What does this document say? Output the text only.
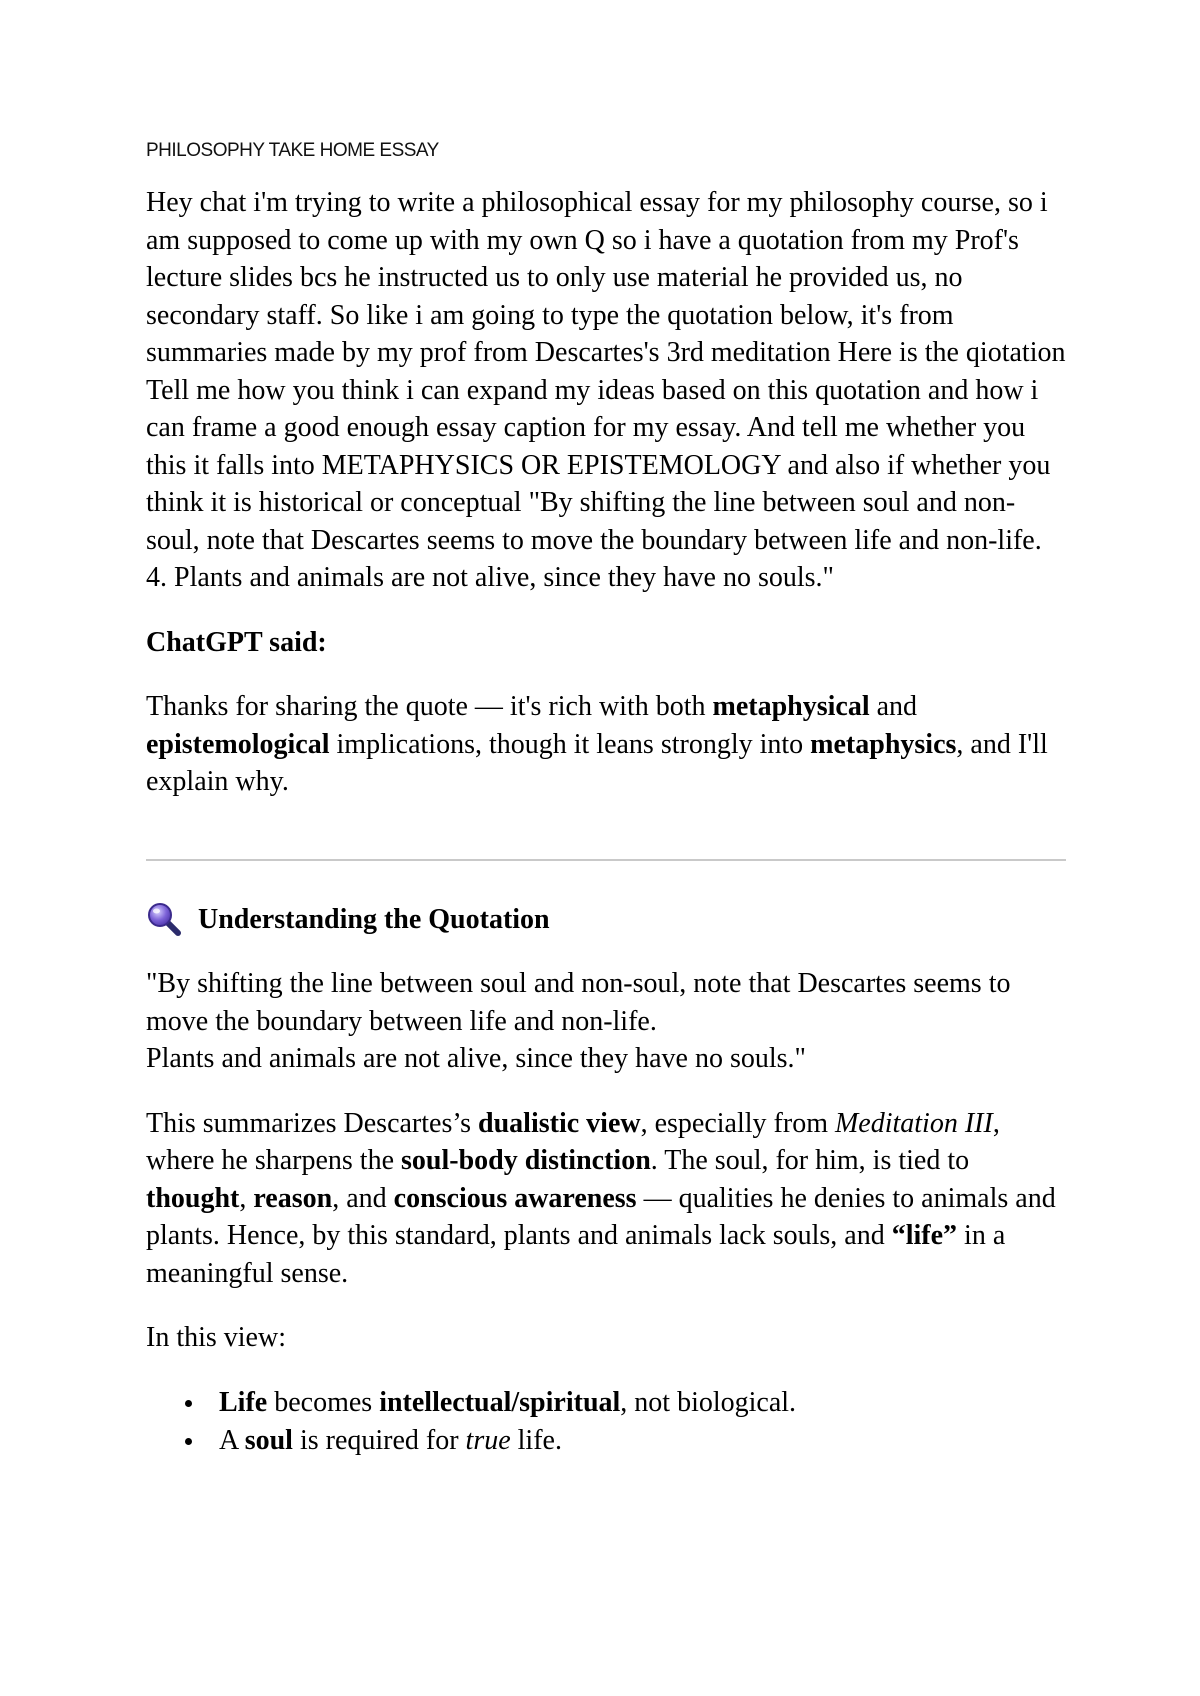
PHILOSOPHY TAKE HOME ESSAY

Hey chat i'm trying to write a philosophical essay for my philosophy course, so i am supposed to come up with my own Q so i have a quotation from my Prof's lecture slides bcs he instructed us to only use material he provided us, no secondary staff. So like i am going to type the quotation below, it's from summaries made by my prof from Descartes's 3rd meditation Here is the qiotation Tell me how you think i can expand my ideas based on this quotation and how i can frame a good enough essay caption for my essay. And tell me whether you this it falls into METAPHYSICS OR EPISTEMOLOGY and also if whether you think it is historical or conceptual "By shifting the line between soul and non-soul, note that Descartes seems to move the boundary between life and non-life. 4. Plants and animals are not alive, since they have no souls."

ChatGPT said:

Thanks for sharing the quote — it's rich with both metaphysical and epistemological implications, though it leans strongly into metaphysics, and I'll explain why.

Understanding the Quotation

"By shifting the line between soul and non-soul, note that Descartes seems to move the boundary between life and non-life.
Plants and animals are not alive, since they have no souls."

This summarizes Descartes’s dualistic view, especially from Meditation III, where he sharpens the soul-body distinction. The soul, for him, is tied to thought, reason, and conscious awareness — qualities he denies to animals and plants. Hence, by this standard, plants and animals lack souls, and “life” in a meaningful sense.

In this view:

Life becomes intellectual/spiritual, not biological.
A soul is required for true life.
